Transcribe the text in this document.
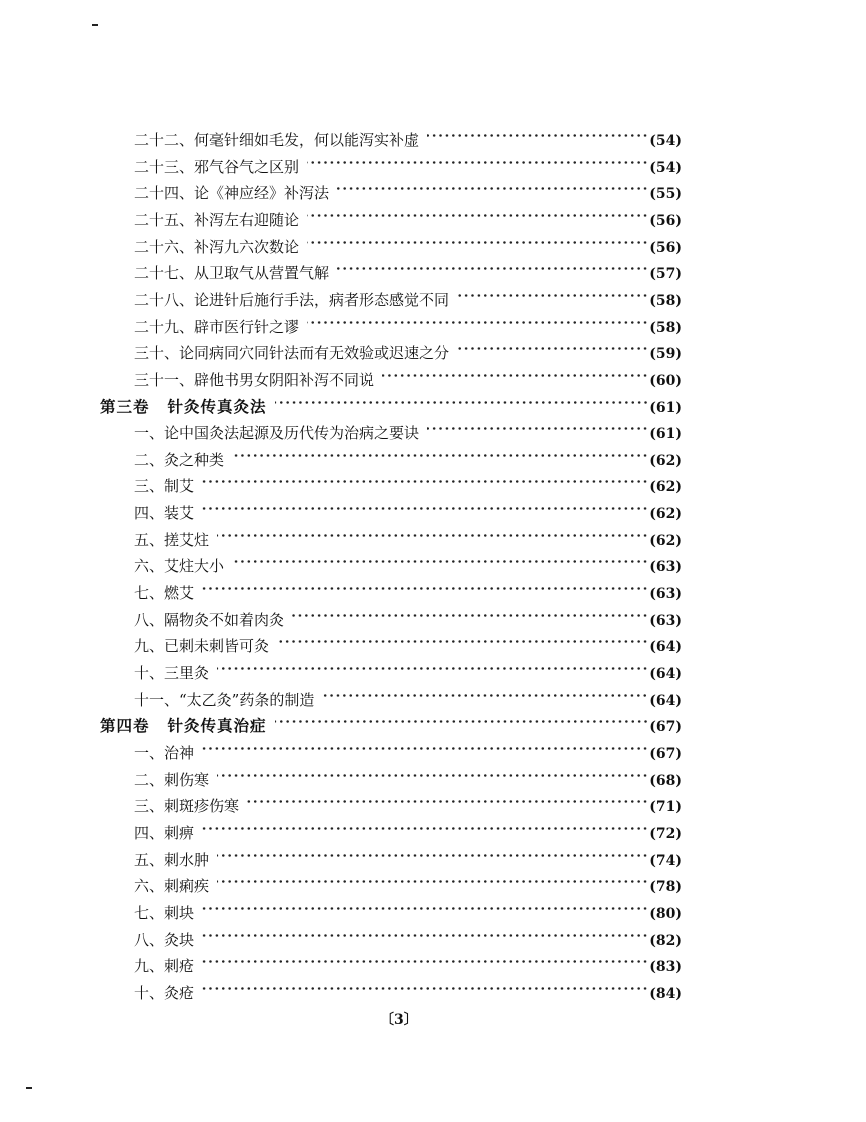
二十二、 何毫针细如毛发，何以能泻实补虚	(54)
二十三、 邪气谷气之区别	(54)
二十四、 论《神应经》补泻法	(55)
二十五、 补泻左右迎随论	(56)
二十六、 补泻九六次数论	(56)
二十七、 从卫取气从营置气解	(57)
二十八、 论进针后施行手法，病者形态感觉不同	(58)
二十九、 辟市医行针之谬	(58)
三十、 论同病同穴同针法而有无效验或迟速之分	(59)
三十一、 辟他书男女阴阳补泻不同说	(60)
第三卷 针灸传真灸法	(61)
一、 论中国灸法起源及历代传为治病之要诀	(61)
二、 灸之种类	(62)
三、 制艾	(62)
四、 装艾	(62)
五、 搓艾炷	(62)
六、 艾炷大小	(63)
七、 燃艾	(63)
八、 隔物灸不如着肉灸	(63)
九、 已刺未刺皆可灸	(64)
十、 三里灸	(64)
十一、 “太乙灸”药条的制造	(64)
第四卷 针灸传真治症	(67)
一、 治神	(67)
二、 刺伤寒	(68)
三、 刺斑疹伤寒	(71)
四、 刺痹	(72)
五、 刺水肿	(74)
六、 刺痢疾	(78)
七、 刺块	(80)
八、 灸块	(82)
九、 刺疮	(83)
十、 灸疮	(84)
〔3〕
